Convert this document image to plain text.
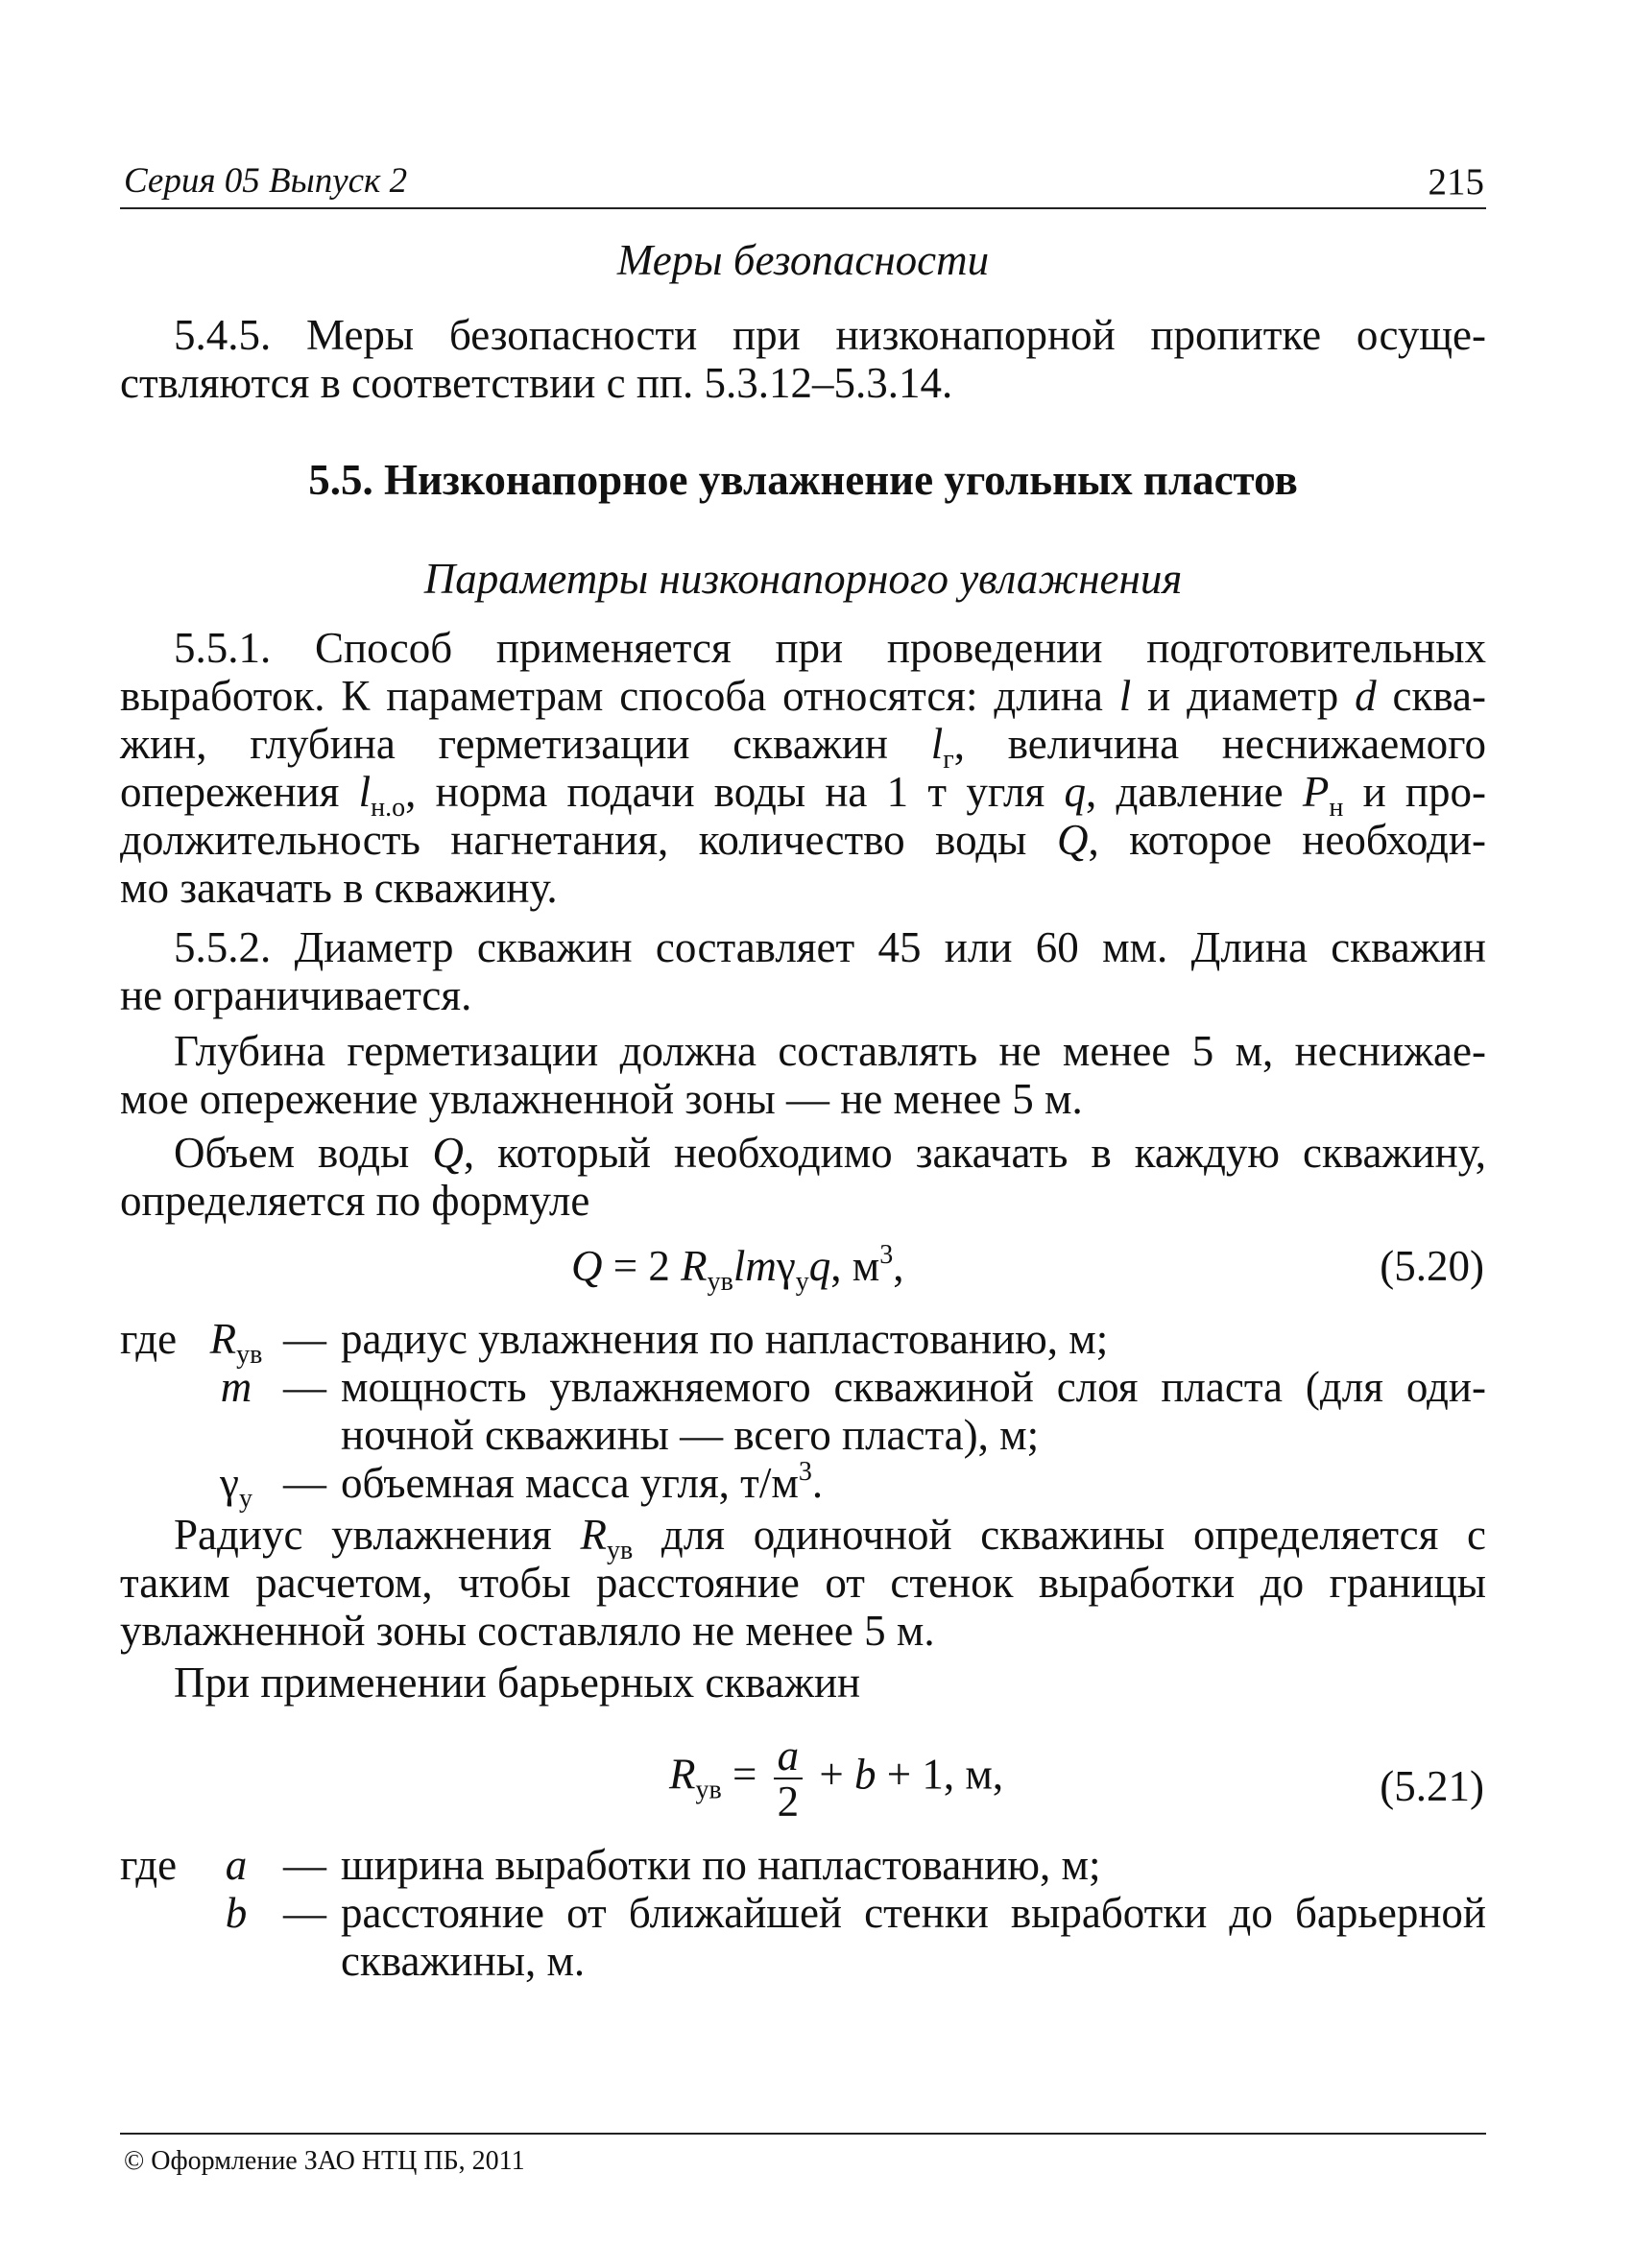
Серия 05 Выпуск 2	215
Меры безопасности
5.4.5. Меры безопасности при низконапорной пропитке осуще-
ствляются в соответствии с пп. 5.3.12–5.3.14.
5.5. Низконапорное увлажнение угольных пластов
Параметры низконапорного увлажнения
5.5.1. Способ применяется при проведении подготовительных
выработок. К параметрам способа относятся: длина l и диаметр d сква-
жин, глубина герметизации скважин $l_г$, величина неснижаемого
опережения $l_{н.о}$, норма подачи воды на 1 т угля q, давление $P_н$ и про-
должительность нагнетания, количество воды Q, которое необходи-
мо закачать в скважину.
5.5.2. Диаметр скважин составляет 45 или 60 мм. Длина скважин
не ограничивается.
Глубина герметизации должна составлять не менее 5 м, неснижае-
мое опережение увлажненной зоны — не менее 5 м.
Объем воды Q, который необходимо закачать в каждую скважину,
определяется по формуле
Q = 2 $R_{ув}lm\gamma_уq$, $м^3$,	(5.20)
где $R_{ув}$ — радиус увлажнения по напластованию, м;
m — мощность увлажняемого скважиной слоя пласта (для оди-
ночной скважины — всего пласта), м;
$\gamma_у$ — объемная масса угля, $т/м^3$.
Радиус увлажнения $R_{ув}$ для одиночной скважины определяется с
таким расчетом, чтобы расстояние от стенок выработки до границы
увлажненной зоны составляло не менее 5 м.
При применении барьерных скважин
$R_{ув} = \frac{a}{2} + b + 1$, м,	(5.21)
где	a — ширина выработки по напластованию, м;
b — расстояние от ближайшей стенки выработки до барьерной
скважины, м.
© Оформление ЗАО НТЦ ПБ, 2011
